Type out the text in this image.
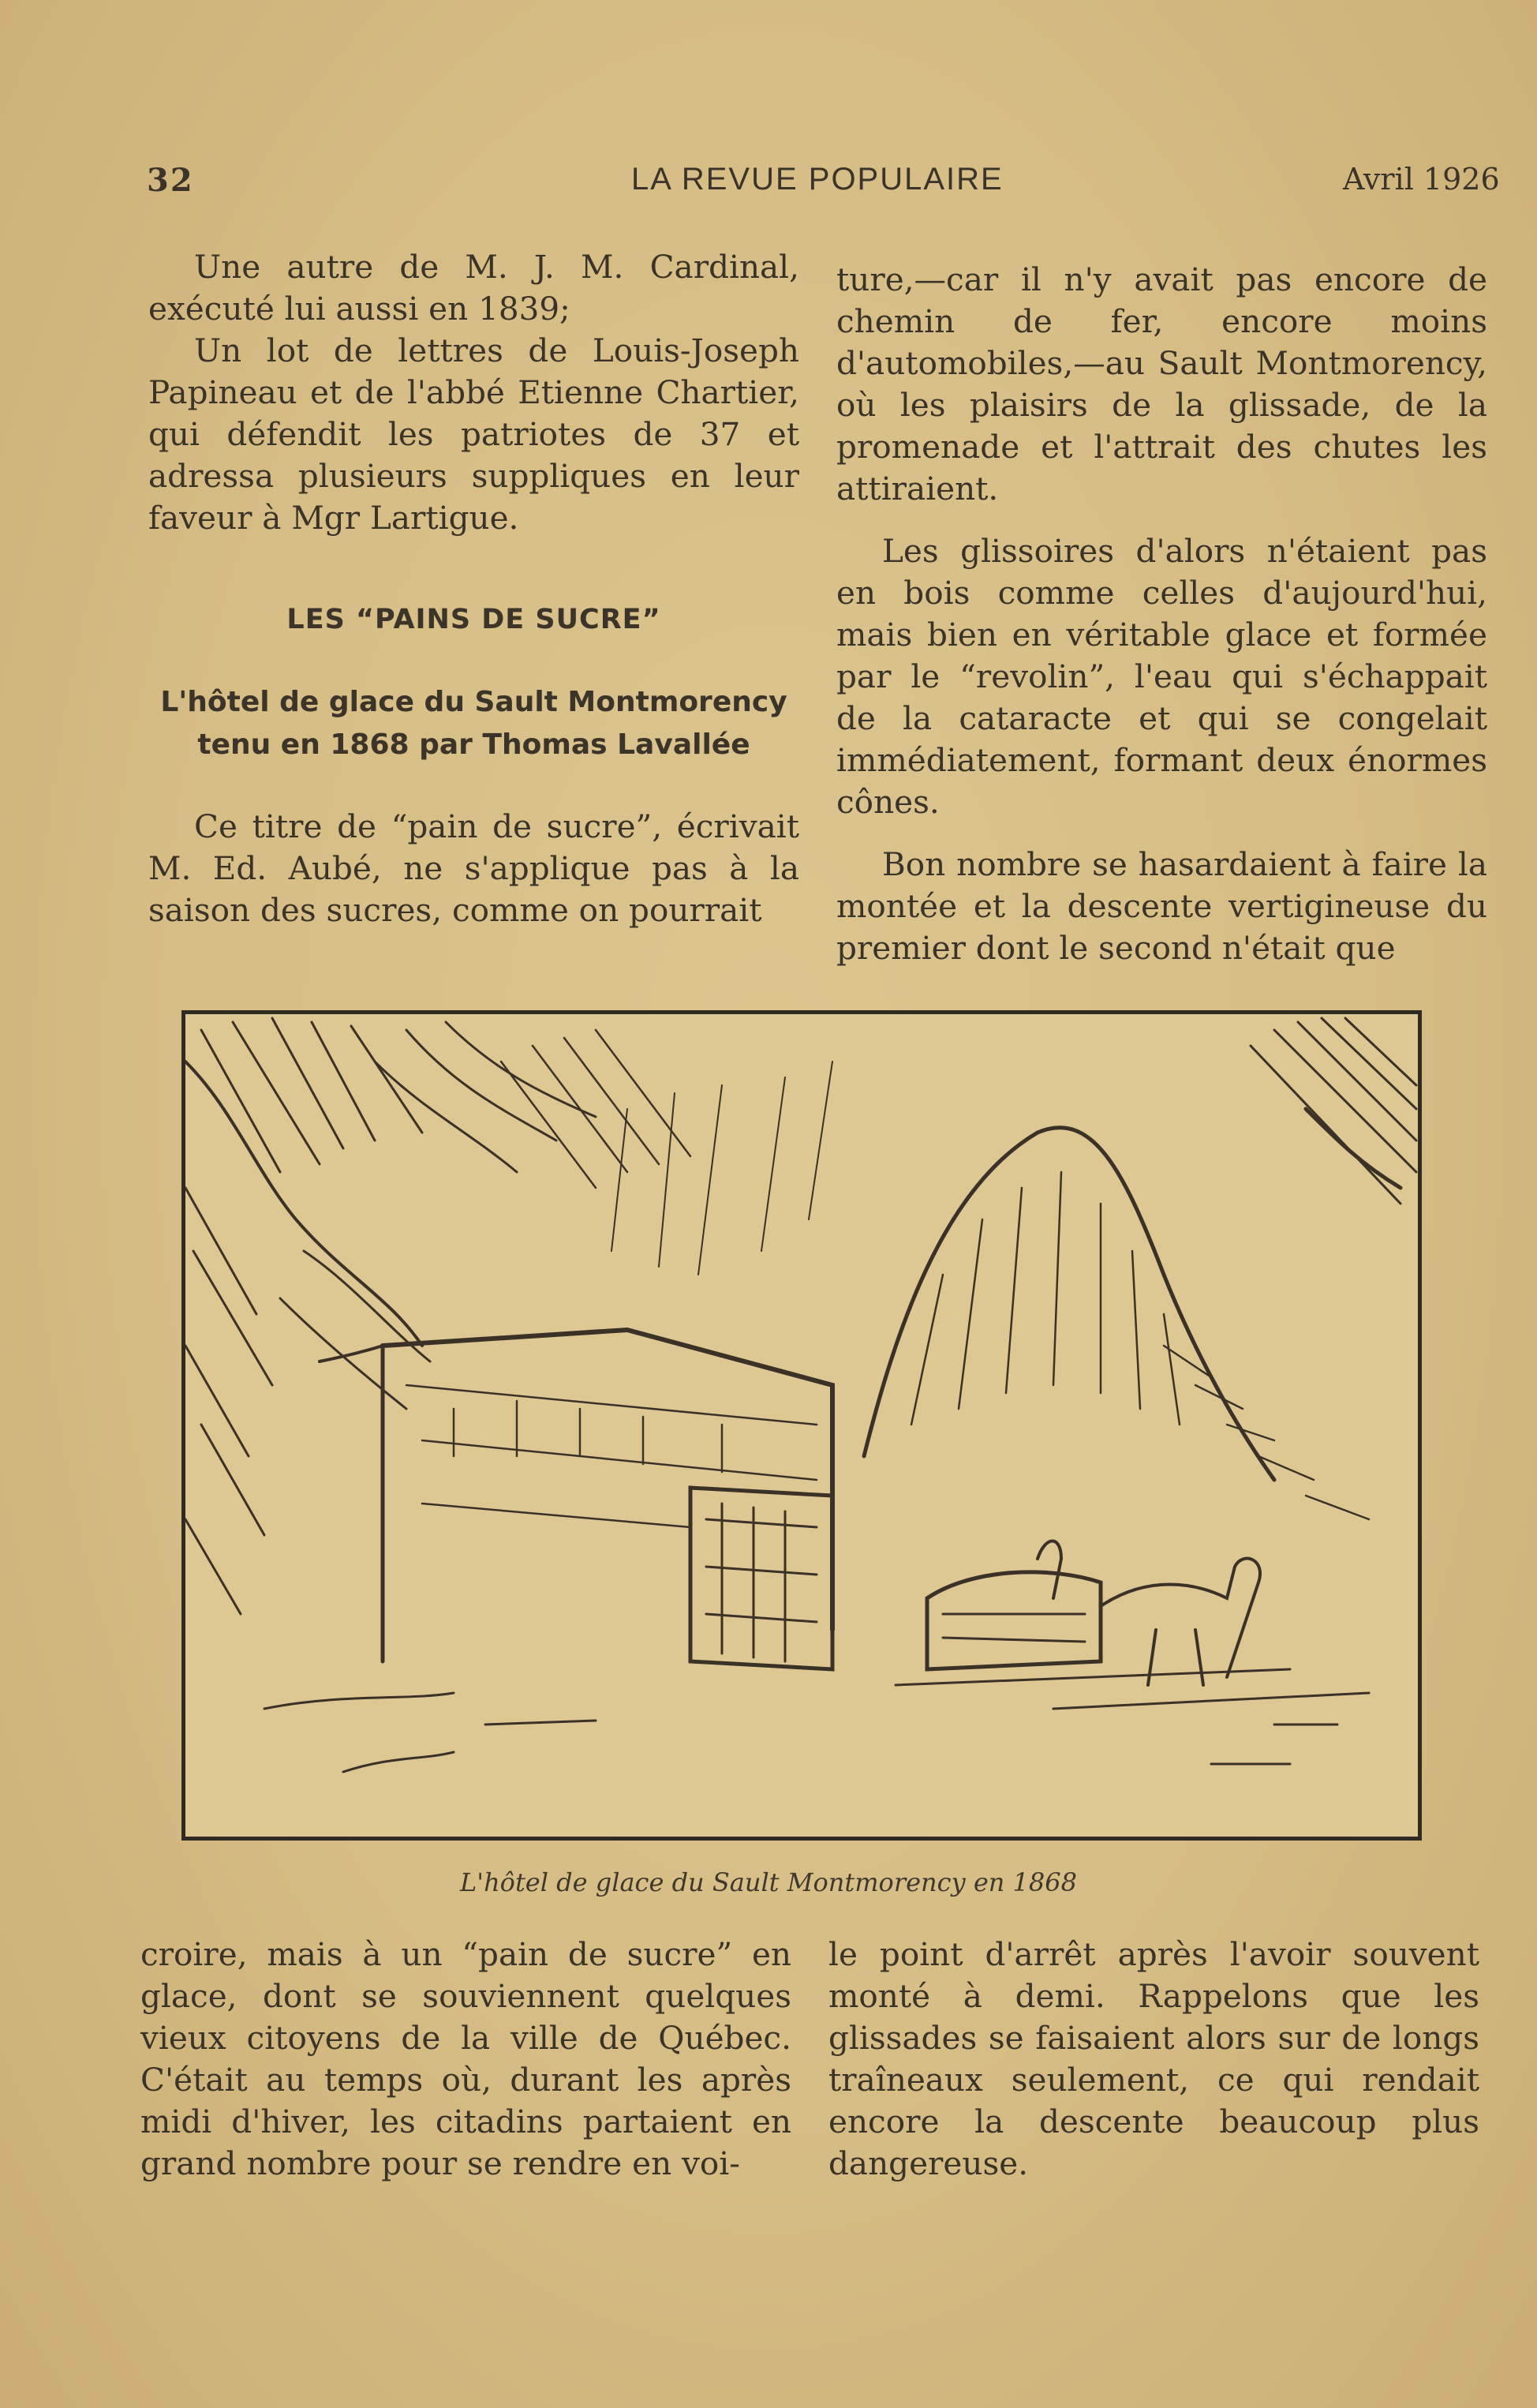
32	LA REVUE POPULAIRE	Avril 1926

Une autre de M. J. M. Cardinal, exécuté lui aussi en 1839;

Un lot de lettres de Louis-Joseph Papineau et de l'abbé Etienne Chartier, qui défendit les patriotes de 37 et adressa plusieurs suppliques en leur faveur à Mgr Lartigue.

LES “PAINS DE SUCRE”
L'hôtel de glace du Sault Montmorency tenu en 1868 par Thomas Lavallée

Ce titre de “pain de sucre”, écrivait M. Ed. Aubé, ne s'applique pas à la saison des sucres, comme on pourrait

ture,—car il n'y avait pas encore de chemin de fer, encore moins d'automobiles,—au Sault Montmorency, où les plaisirs de la glissade, de la promenade et l'attrait des chutes les attiraient.

Les glissoires d'alors n'étaient pas en bois comme celles d'aujourd'hui, mais bien en véritable glace et formée par le “revolin”, l'eau qui s'échappait de la cataracte et qui se congelait immédiatement, formant deux énormes cônes.

Bon nombre se hasardaient à faire la montée et la descente vertigineuse du premier dont le second n'était que

L'hôtel de glace du Sault Montmorency en 1868

croire, mais à un “pain de sucre” en glace, dont se souviennent quelques vieux citoyens de la ville de Québec. C'était au temps où, durant les après midi d'hiver, les citadins partaient en grand nombre pour se rendre en voi-

le point d'arrêt après l'avoir souvent monté à demi. Rappelons que les glissades se faisaient alors sur de longs traîneaux seulement, ce qui rendait encore la descente beaucoup plus dangereuse.
